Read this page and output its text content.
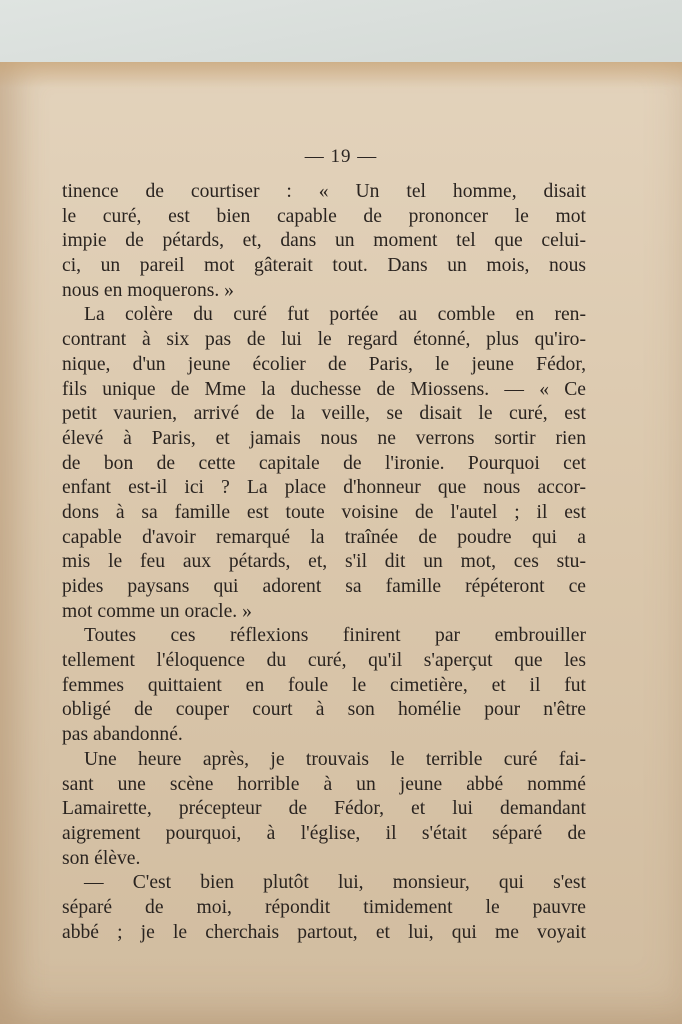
— 19 —
tinence de courtiser : « Un tel homme, disait
le curé, est bien capable de prononcer le mot
impie de pétards, et, dans un moment tel que celui-
ci, un pareil mot gâterait tout. Dans un mois, nous
nous en moquerons. »
La colère du curé fut portée au comble en ren-
contrant à six pas de lui le regard étonné, plus qu'iro-
nique, d'un jeune écolier de Paris, le jeune Fédor,
fils unique de Mme la duchesse de Miossens. — « Ce
petit vaurien, arrivé de la veille, se disait le curé, est
élevé à Paris, et jamais nous ne verrons sortir rien
de bon de cette capitale de l'ironie. Pourquoi cet
enfant est-il ici ? La place d'honneur que nous accor-
dons à sa famille est toute voisine de l'autel ; il est
capable d'avoir remarqué la traînée de poudre qui a
mis le feu aux pétards, et, s'il dit un mot, ces stu-
pides paysans qui adorent sa famille répéteront ce
mot comme un oracle. »
Toutes ces réflexions finirent par embrouiller
tellement l'éloquence du curé, qu'il s'aperçut que les
femmes quittaient en foule le cimetière, et il fut
obligé de couper court à son homélie pour n'être
pas abandonné.
Une heure après, je trouvais le terrible curé fai-
sant une scène horrible à un jeune abbé nommé
Lamairette, précepteur de Fédor, et lui demandant
aigrement pourquoi, à l'église, il s'était séparé de
son élève.
— C'est bien plutôt lui, monsieur, qui s'est
séparé de moi, répondit timidement le pauvre
abbé ; je le cherchais partout, et lui, qui me voyait
